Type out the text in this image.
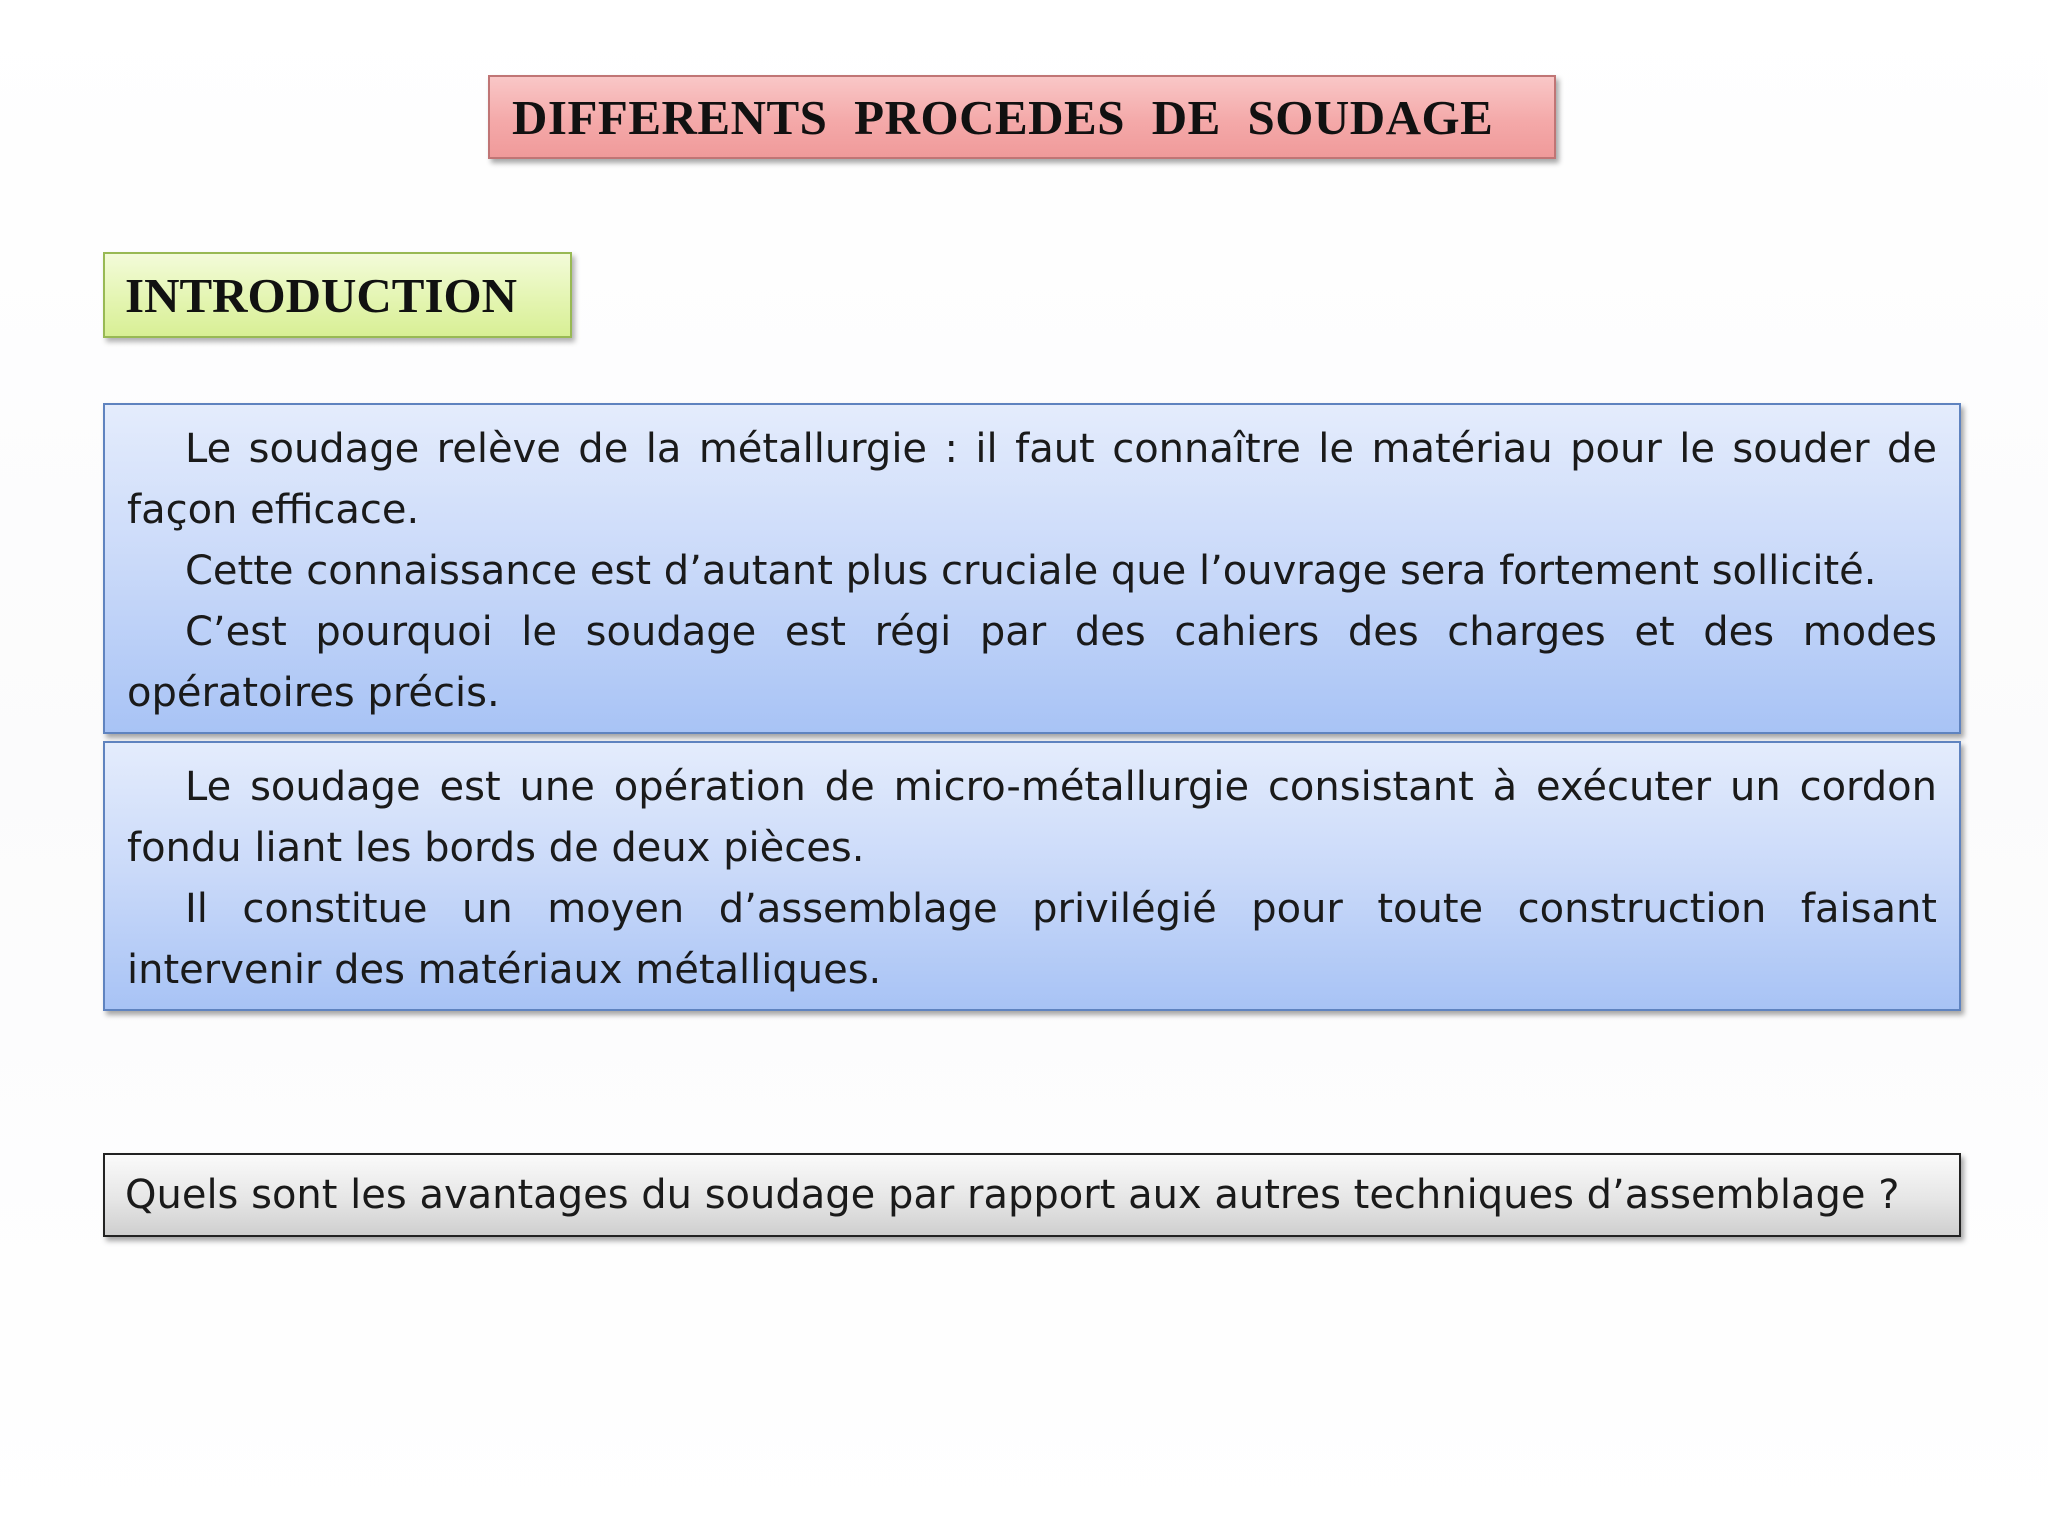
DIFFERENTS PROCEDES DE SOUDAGE
INTRODUCTION

Le soudage relève de la métallurgie : il faut connaître le matériau pour le souder de façon efficace.

Cette connaissance est d’autant plus cruciale que l’ouvrage sera fortement sollicité.

C’est pourquoi le soudage est régi par des cahiers des charges et des modes opératoires précis.

Le soudage est une opération de micro-métallurgie consistant à exécuter un cordon fondu liant les bords de deux pièces.

Il constitue un moyen d’assemblage privilégié pour toute construction faisant intervenir des matériaux métalliques.

Quels sont les avantages du soudage par rapport aux autres techniques d’assemblage ?
